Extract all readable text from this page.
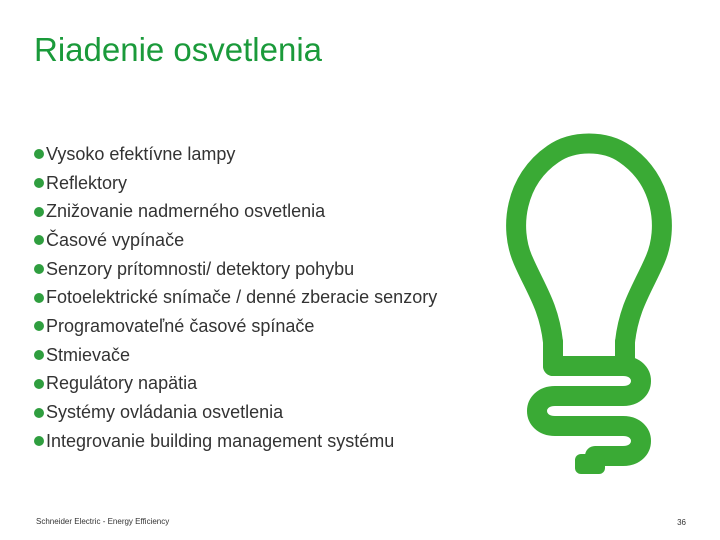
Riadenie osvetlenia
Vysoko efektívne lampy
Reflektory
Znižovanie nadmerného osvetlenia
Časové vypínače
Senzory prítomnosti/ detektory pohybu
Fotoelektrické snímače / denné zberacie senzory
Programovateľné časové spínače
Stmievače
Regulátory napätia
Systémy ovládania osvetlenia
Integrovanie building management systému
Schneider Electric - Energy Efficiency	36
